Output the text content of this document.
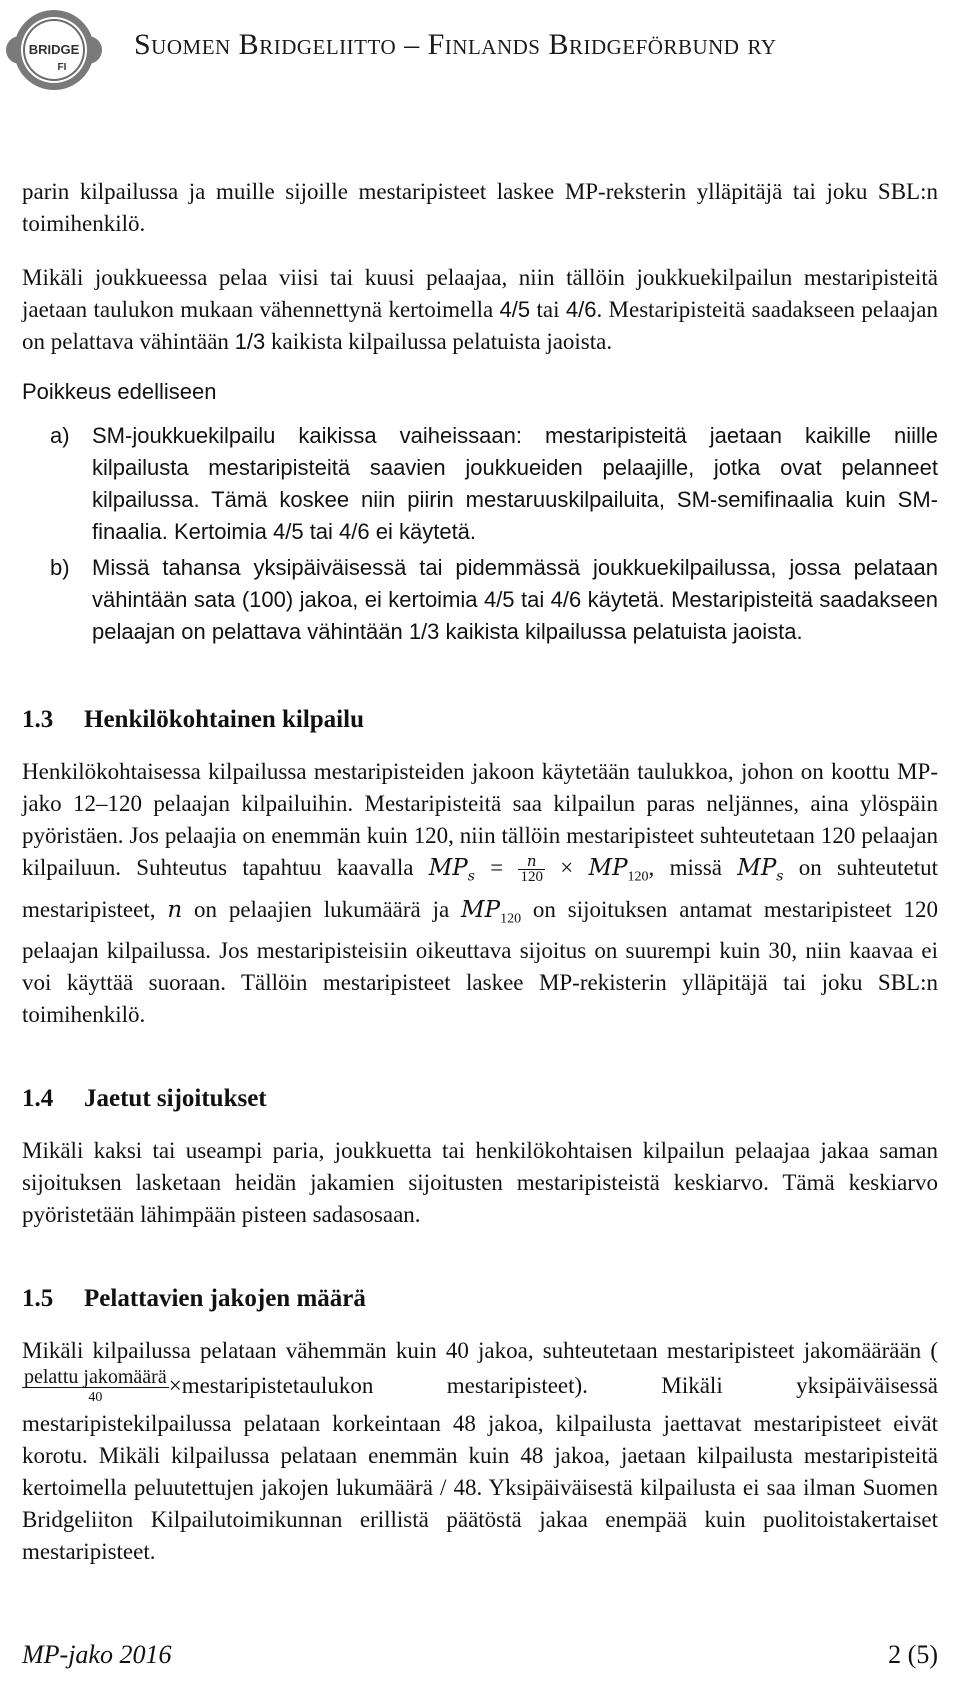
BRIDGE
FI
Suomen Bridgeliitto – Finlands Bridgeförbund ry

parin kilpailussa ja muille sijoille mestaripisteet laskee MP-reksterin ylläpitäjä tai joku SBL:n toimihenkilö.

Mikäli joukkueessa pelaa viisi tai kuusi pelaajaa, niin tällöin joukkuekilpailun mestaripisteitä jaetaan taulukon mukaan vähennettynä kertoimella 4/5 tai 4/6. Mestaripisteitä saadakseen pelaajan on pelattava vähintään 1/3 kaikista kilpailussa pelatuista jaoista.

Poikkeus edelliseen

a) SM-joukkuekilpailu kaikissa vaiheissaan: mestaripisteitä jaetaan kaikille niille kilpailusta mestaripisteitä saavien joukkueiden pelaajille, jotka ovat pelanneet kilpailussa. Tämä koskee niin piirin mestaruuskilpailuita, SM-semifinaalia kuin SM-finaalia. Kertoimia 4/5 tai 4/6 ei käytetä.
b) Missä tahansa yksipäiväisessä tai pidemmässä joukkuekilpailussa, jossa pelataan vähintään sata (100) jakoa, ei kertoimia 4/5 tai 4/6 käytetä. Mestaripisteitä saadakseen pelaajan on pelattava vähintään 1/3 kaikista kilpailussa pelatuista jaoista.
1.3 Henkilökohtainen kilpailu

Henkilökohtaisessa kilpailussa mestaripisteiden jakoon käytetään taulukkoa, johon on koottu MP-jako 12–120 pelaajan kilpailuihin. Mestaripisteitä saa kilpailun paras neljännes, aina ylöspäin pyöristäen. Jos pelaajia on enemmän kuin 120, niin tällöin mestaripisteet suhteutetaan 120 pelaajan kilpailuun. Suhteutus tapahtuu kaavalla $MP_s = \frac{n}{120} \times MP_{120}$, missä $MP_s$ on suhteutetut mestaripisteet, n on pelaajien lukumäärä ja $MP_{120}$ on sijoituksen antamat mestaripisteet 120 pelaajan kilpailussa. Jos mestaripisteisiin oikeuttava sijoitus on suurempi kuin 30, niin kaavaa ei voi käyttää suoraan. Tällöin mestaripisteet laskee MP-rekisterin ylläpitäjä tai joku SBL:n toimihenkilö.

1.4 Jaetut sijoitukset

Mikäli kaksi tai useampi paria, joukkuetta tai henkilökohtaisen kilpailun pelaajaa jakaa saman sijoituksen lasketaan heidän jakamien sijoitusten mestaripisteistä keskiarvo. Tämä keskiarvo pyöristetään lähimpään pisteen sadasosaan.

1.5 Pelattavien jakojen määrä

Mikäli kilpailussa pelataan vähemmän kuin 40 jakoa, suhteutetaan mestaripisteet jakomäärään (
$\frac{\text{pelattu jakomäärä}}{40}$ ×mestaripistetaulukon mestaripisteet). Mikäli yksipäiväisessä mestaripistekilpailussa pelataan korkeintaan 48 jakoa, kilpailusta jaettavat mestaripisteet eivät korotu. Mikäli kilpailussa pelataan enemmän kuin 48 jakoa, jaetaan kilpailusta mestaripisteitä kertoimella peluutettujen jakojen lukumäärä / 48. Yksipäiväisestä kilpailusta ei saa ilman Suomen Bridgeliiton Kilpailutoimikunnan erillistä päätöstä jakaa enempää kuin puolitoistakertaiset mestaripisteet.

MP-jako 2016	2 (5)
